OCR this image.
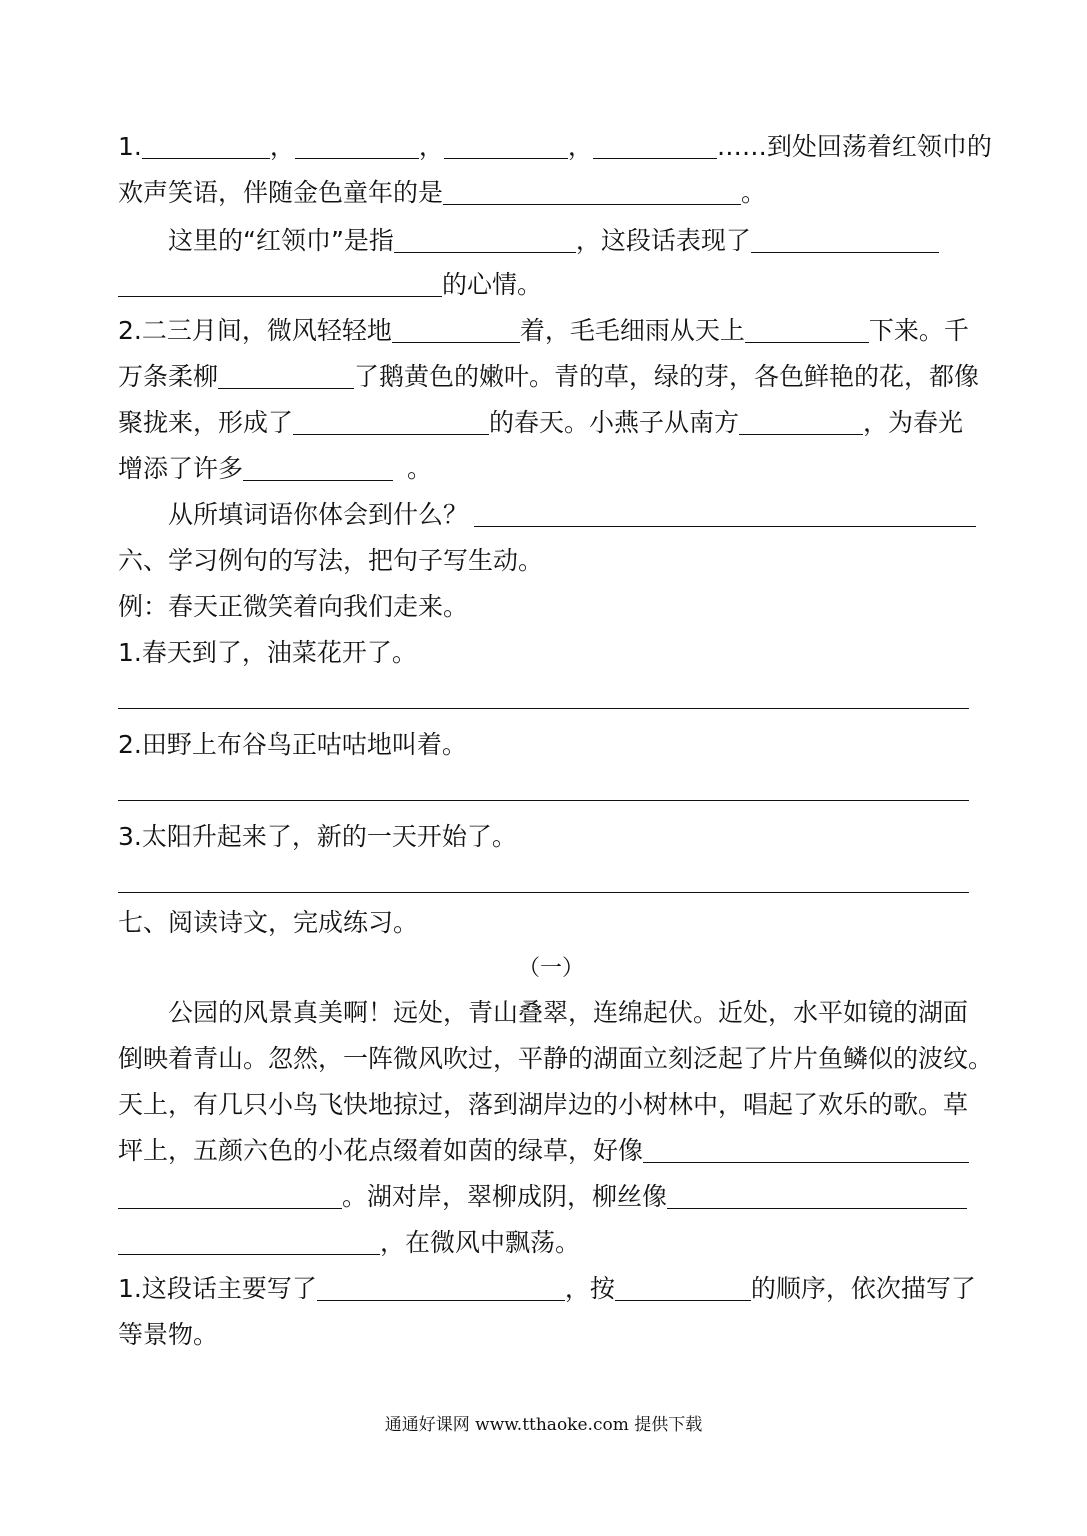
1.	，	，	，	……到处回荡着红领巾的
欢声笑语，伴随金色童年的是	。
这里的“红领巾”是指	，这段话表现了
的心情。
2.二三月间，微风轻轻地	着，毛毛细雨从天上	下来。千
万条柔柳	了鹅黄色的嫩叶。青的草，绿的芽，各色鲜艳的花，都像
聚拢来，形成了	的春天。小燕子从南方	，为春光
增添了许多	。
从所填词语你体会到什么？
六、学习例句的写法，把句子写生动。
例：春天正微笑着向我们走来。
1.春天到了，油菜花开了。
2.田野上布谷鸟正咕咕地叫着。
3.太阳升起来了，新的一天开始了。
七、阅读诗文，完成练习。
（一）
公园的风景真美啊！远处，青山叠翠，连绵起伏。近处，水平如镜的湖面
倒映着青山。忽然，一阵微风吹过，平静的湖面立刻泛起了片片鱼鳞似的波纹。
天上，有几只小鸟飞快地掠过，落到湖岸边的小树林中，唱起了欢乐的歌。草
坪上，五颜六色的小花点缀着如茵的绿草，好像
。湖对岸，翠柳成阴，柳丝像
，在微风中飘荡。
1.这段话主要写了	，按	的顺序，依次描写了
等景物。
通通好课网 www.tthaoke.com 提供下载
